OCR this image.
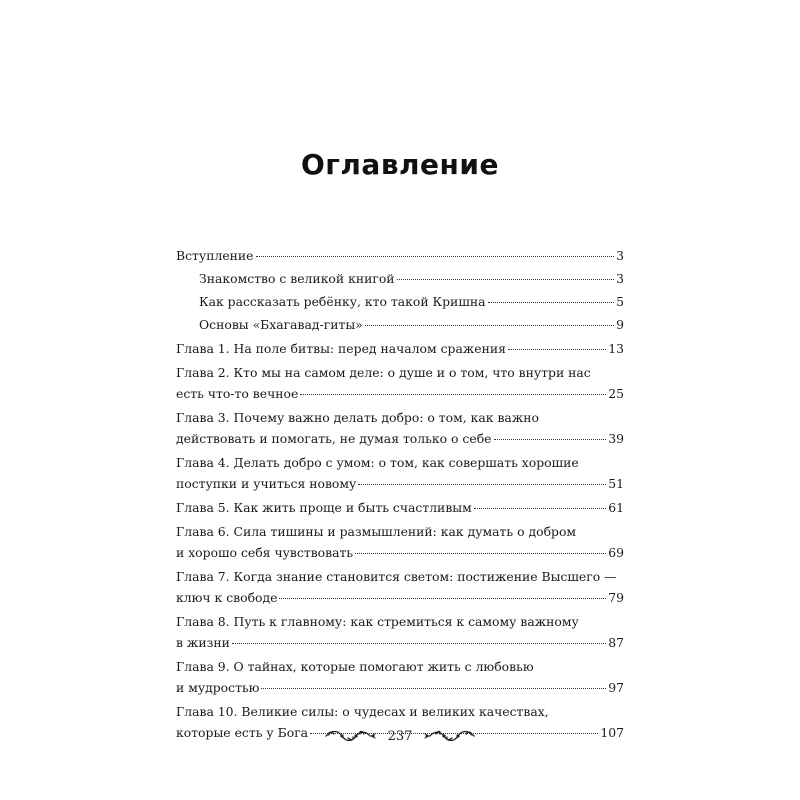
Оглавление
Вступление	3
Знакомство с великой книгой	3
Как рассказать ребёнку, кто такой Кришна	5
Основы «Бхагавад-гиты»	9
Глава 1. На поле битвы: перед началом сражения	13
Глава 2. Кто мы на самом деле: о душе и о том, что внутри нас
есть что-то вечное	25
Глава 3. Почему важно делать добро: о том, как важно
действовать и помогать, не думая только о себе	39
Глава 4. Делать добро с умом: о том, как совершать хорошие
поступки и учиться новому	51
Глава 5. Как жить проще и быть счастливым	61
Глава 6. Сила тишины и размышлений: как думать о добром
и хорошо себя чувствовать	69
Глава 7. Когда знание становится светом: постижение Высшего —
ключ к свободе	79
Глава 8. Путь к главному: как стремиться к самому важному
в жизни	87
Глава 9. О тайнах, которые помогают жить с любовью
и мудростью	97
Глава 10. Великие силы: о чудесах и великих качествах,
которые есть у Бога	107
237
